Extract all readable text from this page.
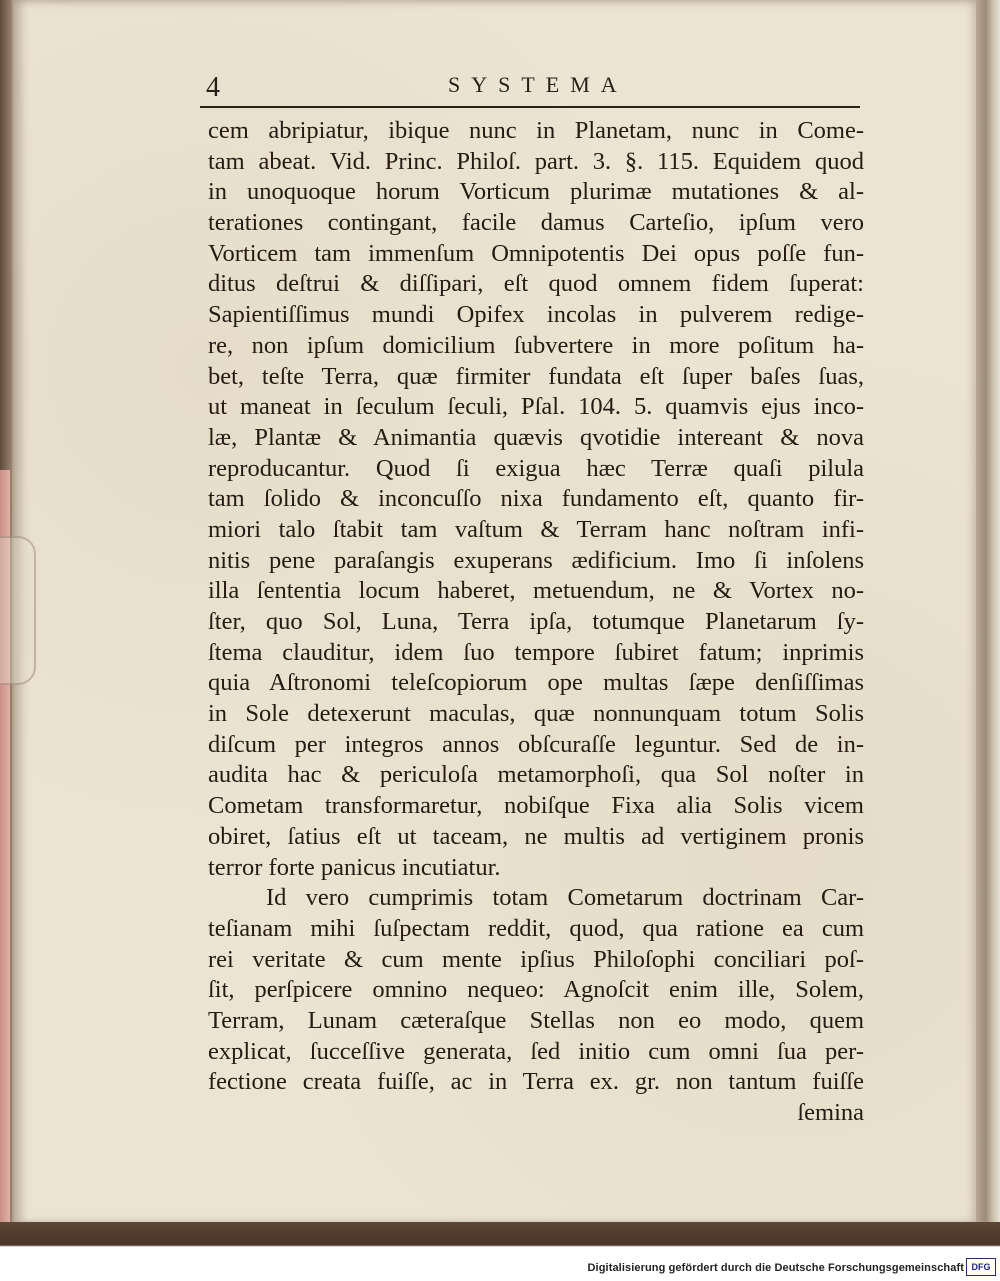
4	SYSTEMA
cem abripiatur, ibique nunc in Planetam, nunc in Come-
tam abeat. Vid. Princ. Philoſ. part. 3. §. 115. Equidem quod
in unoquoque horum Vorticum plurimæ mutationes & al-
terationes contingant, facile damus Carteſio, ipſum vero
Vorticem tam immenſum Omnipotentis Dei opus poſſe fun-
ditus deſtrui & diſſipari, eſt quod omnem fidem ſuperat:
Sapientiſſimus mundi Opifex incolas in pulverem redige-
re, non ipſum domicilium ſubvertere in more poſitum ha-
bet, teſte Terra, quæ firmiter fundata eſt ſuper baſes ſuas,
ut maneat in ſeculum ſeculi, Pſal. 104. 5. quamvis ejus inco-
læ, Plantæ & Animantia quævis qvotidie intereant & nova
reproducantur. Quod ſi exigua hæc Terræ quaſi pilula
tam ſolido & inconcuſſo nixa fundamento eſt, quanto fir-
miori talo ſtabit tam vaſtum & Terram hanc noſtram infi-
nitis pene paraſangis exuperans ædificium. Imo ſi inſolens
illa ſententia locum haberet, metuendum, ne & Vortex no-
ſter, quo Sol, Luna, Terra ipſa, totumque Planetarum ſy-
ſtema clauditur, idem ſuo tempore ſubiret fatum; inprimis
quia Aſtronomi teleſcopiorum ope multas ſæpe denſiſſimas
in Sole detexerunt maculas, quæ nonnunquam totum Solis
diſcum per integros annos obſcuraſſe leguntur. Sed de in-
audita hac & periculoſa metamorphoſi, qua Sol noſter in
Cometam transformaretur, nobiſque Fixa alia Solis vicem
obiret, ſatius eſt ut taceam, ne multis ad vertiginem pronis
terror forte panicus incutiatur.
Id vero cumprimis totam Cometarum doctrinam Car-
teſianam mihi ſuſpectam reddit, quod, qua ratione ea cum
rei veritate & cum mente ipſius Philoſophi conciliari poſ-
ſit, perſpicere omnino nequeo: Agnoſcit enim ille, Solem,
Terram, Lunam cæteraſque Stellas non eo modo, quem
explicat, ſucceſſive generata, ſed initio cum omni ſua per-
fectione creata fuiſſe, ac in Terra ex. gr. non tantum fuiſſe
ſemina
Digitalisierung gefördert durch die Deutsche Forschungsgemeinschaft DFG
